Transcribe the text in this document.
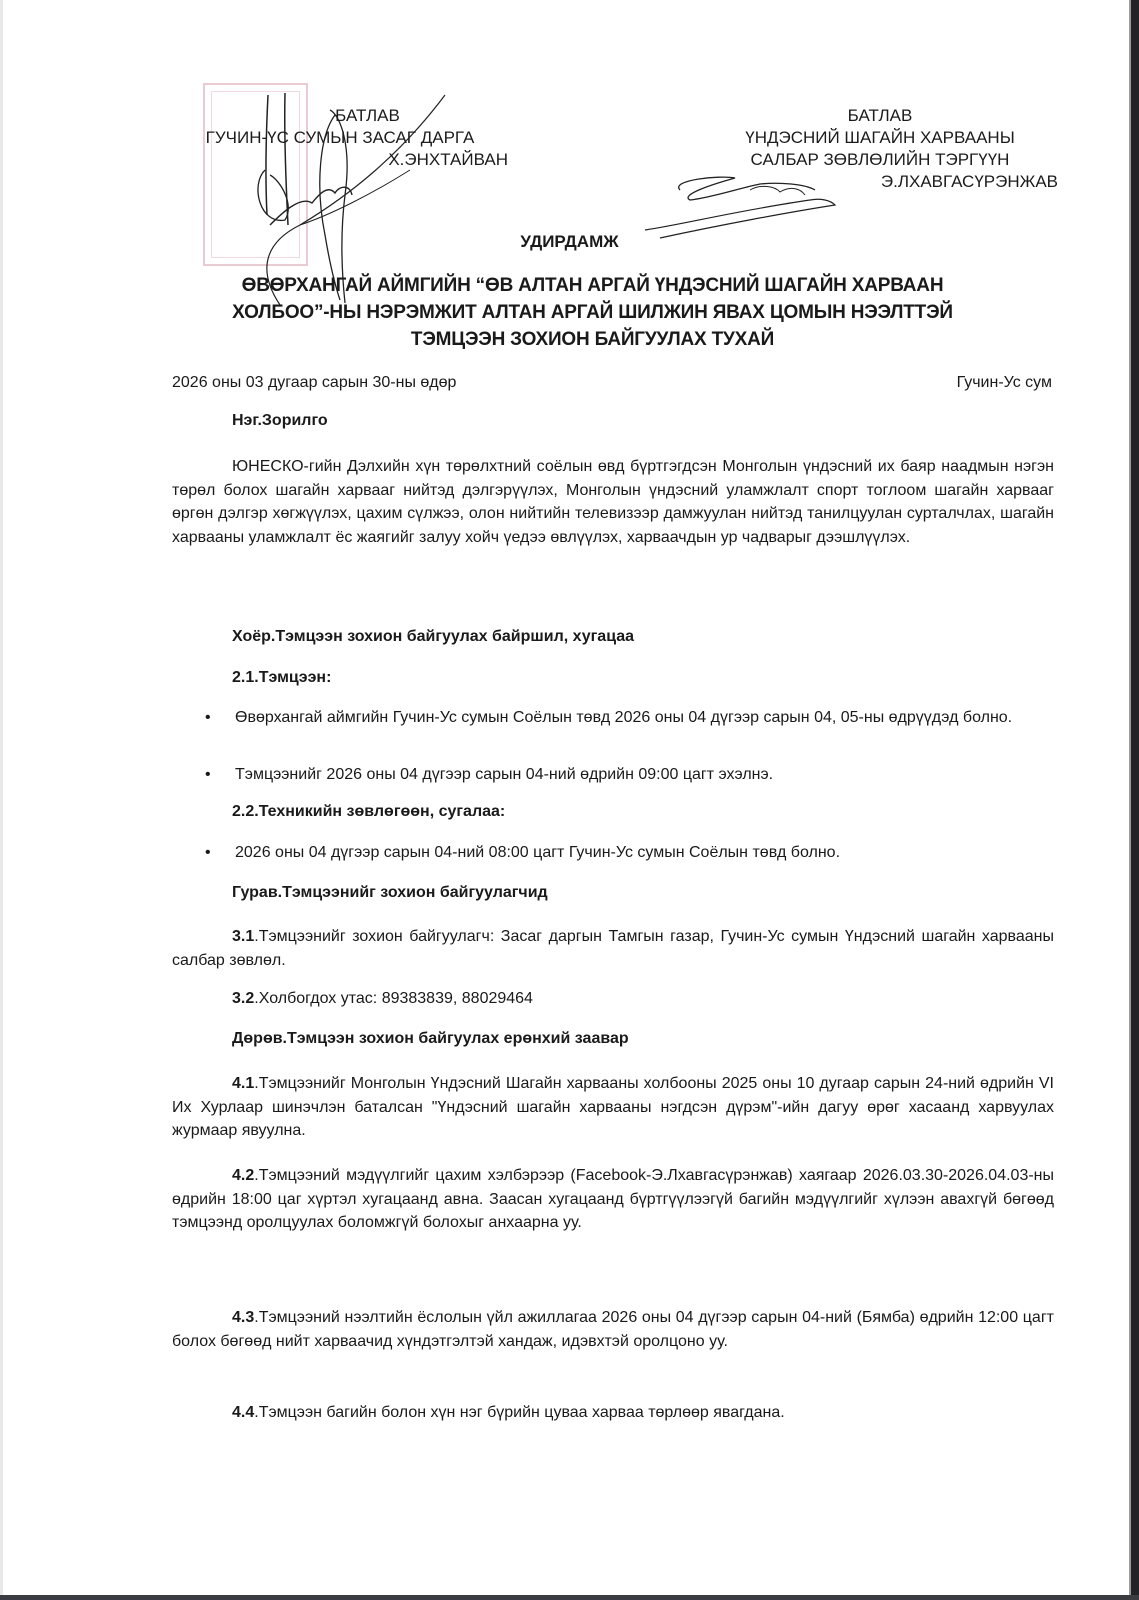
БАТЛАВ
ГУЧИН-ҮС СУМЫН ЗАСАГ ДАРГА
Х.ЭНХТАЙВАН
БАТЛАВ
ҮНДЭСНИЙ ШАГАЙН ХАРВААНЫ
САЛБАР ЗӨВЛӨЛИЙН ТЭРГҮҮН
Э.ЛХАВГАСҮРЭНЖАВ
УДИРДАМЖ
ӨВӨРХАНГАЙ АЙМГИЙН “ӨВ АЛТАН АРГАЙ ҮНДЭСНИЙ ШАГАЙН ХАРВААН
ХОЛБОО”-НЫ НЭРЭМЖИТ АЛТАН АРГАЙ ШИЛЖИН ЯВАХ ЦОМЫН НЭЭЛТТЭЙ
ТЭМЦЭЭН ЗОХИОН БАЙГУУЛАХ ТУХАЙ
2026 оны 03 дугаар сарын 30-ны өдөр	Гучин-Ус сум
Нэг.Зорилго
ЮНЕСКО-гийн Дэлхийн хүн төрөлхтний соёлын өвд бүртгэгдсэн Монголын үндэсний их баяр наадмын нэгэн төрөл болох шагайн харвааг нийтэд дэлгэрүүлэх, Монголын үндэсний уламжлалт спорт тоглоом шагайн харвааг өргөн дэлгэр хөгжүүлэх, цахим сүлжээ, олон нийтийн телевизээр дамжуулан нийтэд танилцуулан сурталчлах, шагайн харвааны уламжлалт ёс жаягийг залуу хойч үедээ өвлүүлэх, харваачдын ур чадварыг дээшлүүлэх.
Хоёр.Тэмцээн зохион байгуулах байршил, хугацаа
2.1.Тэмцээн:
• Өвөрхангай аймгийн Гучин-Ус сумын Соёлын төвд 2026 оны 04 дүгээр сарын 04, 05-ны өдрүүдэд болно.
• Тэмцээнийг 2026 оны 04 дүгээр сарын 04-ний өдрийн 09:00 цагт эхэлнэ.
2.2.Техникийн зөвлөгөөн, сугалаа:
• 2026 оны 04 дүгээр сарын 04-ний 08:00 цагт Гучин-Ус сумын Соёлын төвд болно.
Гурав.Тэмцээнийг зохион байгуулагчид
3.1.Тэмцээнийг зохион байгуулагч: Засаг даргын Тамгын газар, Гучин-Ус сумын Үндэсний шагайн харвааны салбар зөвлөл.
3.2.Холбогдох утас: 89383839, 88029464
Дөрөв.Тэмцээн зохион байгуулах ерөнхий заавар
4.1.Тэмцээнийг Монголын Үндэсний Шагайн харвааны холбооны 2025 оны 10 дугаар сарын 24-ний өдрийн VI Их Хурлаар шинэчлэн баталсан "Үндэсний шагайн харвааны нэгдсэн дүрэм"-ийн дагуу өрөг хасаанд харвуулах журмаар явуулна.
4.2.Тэмцээний мэдүүлгийг цахим хэлбэрээр (Facebook-Э.Лхавгасүрэнжав) хаягаар 2026.03.30-2026.04.03-ны өдрийн 18:00 цаг хүртэл хугацаанд авна. Заасан хугацаанд бүртгүүлээгүй багийн мэдүүлгийг хүлээн авахгүй бөгөөд тэмцээнд оролцуулах боломжгүй болохыг анхаарна уу.
4.3.Тэмцээний нээлтийн ёслолын үйл ажиллагаа 2026 оны 04 дүгээр сарын 04-ний (Бямба) өдрийн 12:00 цагт болох бөгөөд нийт харваачид хүндэтгэлтэй хандаж, идэвхтэй оролцоно уу.
4.4.Тэмцээн багийн болон хүн нэг бүрийн цуваа харваа төрлөөр явагдана.
